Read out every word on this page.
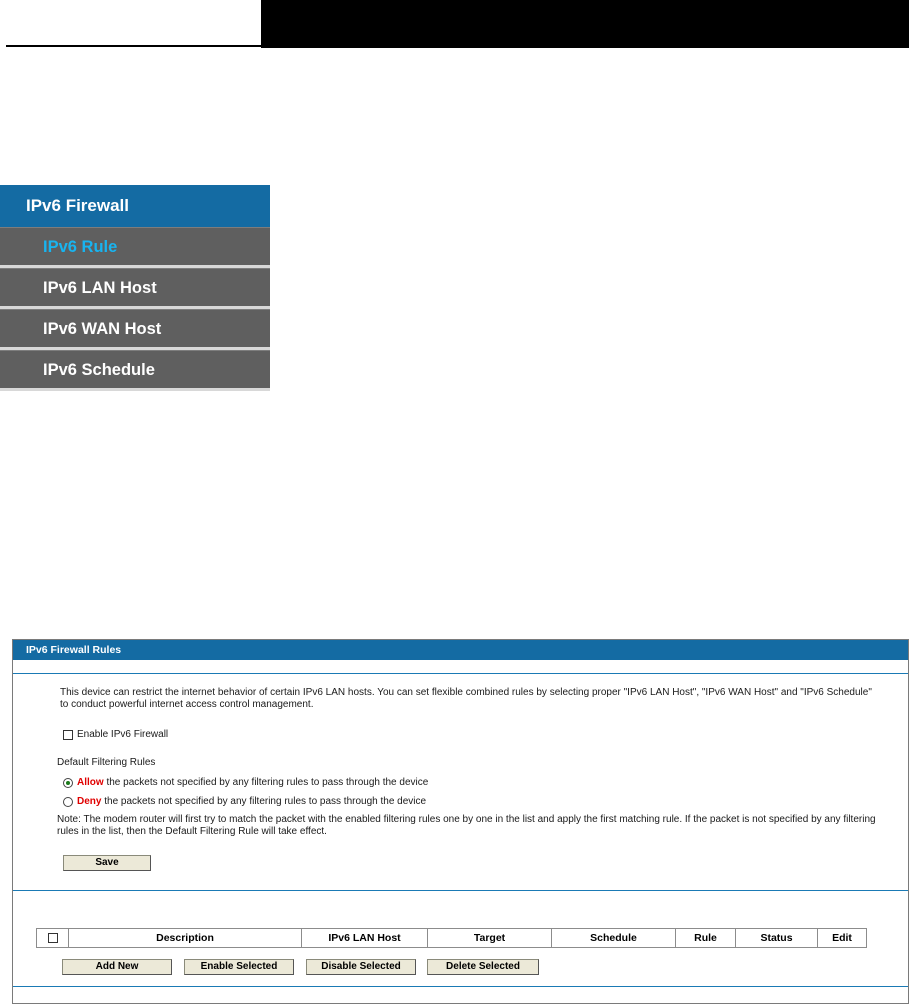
IPv6 Firewall
IPv6 Rule
IPv6 LAN Host
IPv6 WAN Host
IPv6 Schedule
IPv6 Firewall Rules
This device can restrict the internet behavior of certain IPv6 LAN hosts. You can set flexible combined rules by selecting proper "IPv6 LAN Host", "IPv6 WAN Host" and "IPv6 Schedule" to conduct powerful internet access control management.
Enable IPv6 Firewall
Default Filtering Rules
Allow the packets not specified by any filtering rules to pass through the device
Deny the packets not specified by any filtering rules to pass through the device
Note: The modem router will first try to match the packet with the enabled filtering rules one by one in the list and apply the first matching rule. If the packet is not specified by any filtering rules in the list, then the Default Filtering Rule will take effect.
Save
	Description	IPv6 LAN Host	Target	Schedule	Rule	Status	Edit
Add New	Enable Selected	Disable Selected	Delete Selected
